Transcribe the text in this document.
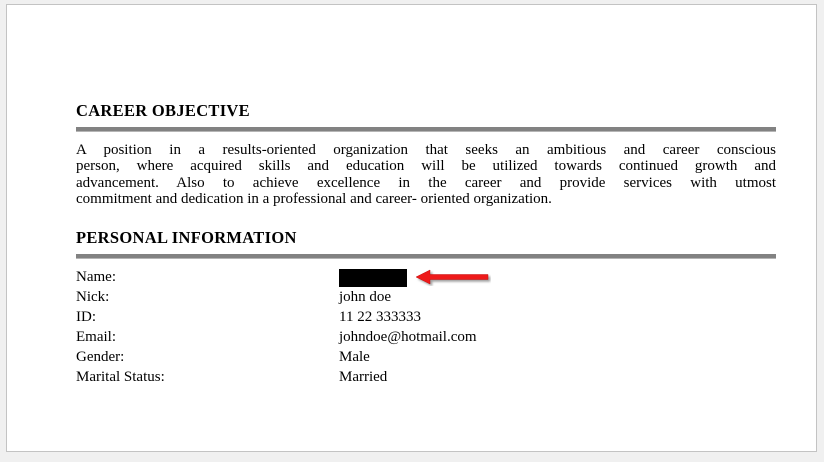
CAREER OBJECTIVE
A position in a results-oriented organization that seeks an ambitious and career conscious
person, where acquired skills and education will be utilized towards continued growth and
advancement. Also to achieve excellence in the career and provide services with utmost
commitment and dedication in a professional and career- oriented organization.
PERSONAL INFORMATION
Name:
Nick:	john doe
ID:	11 22 333333
Email:	johndoe@hotmail.com
Gender:	Male
Marital Status:	Married
